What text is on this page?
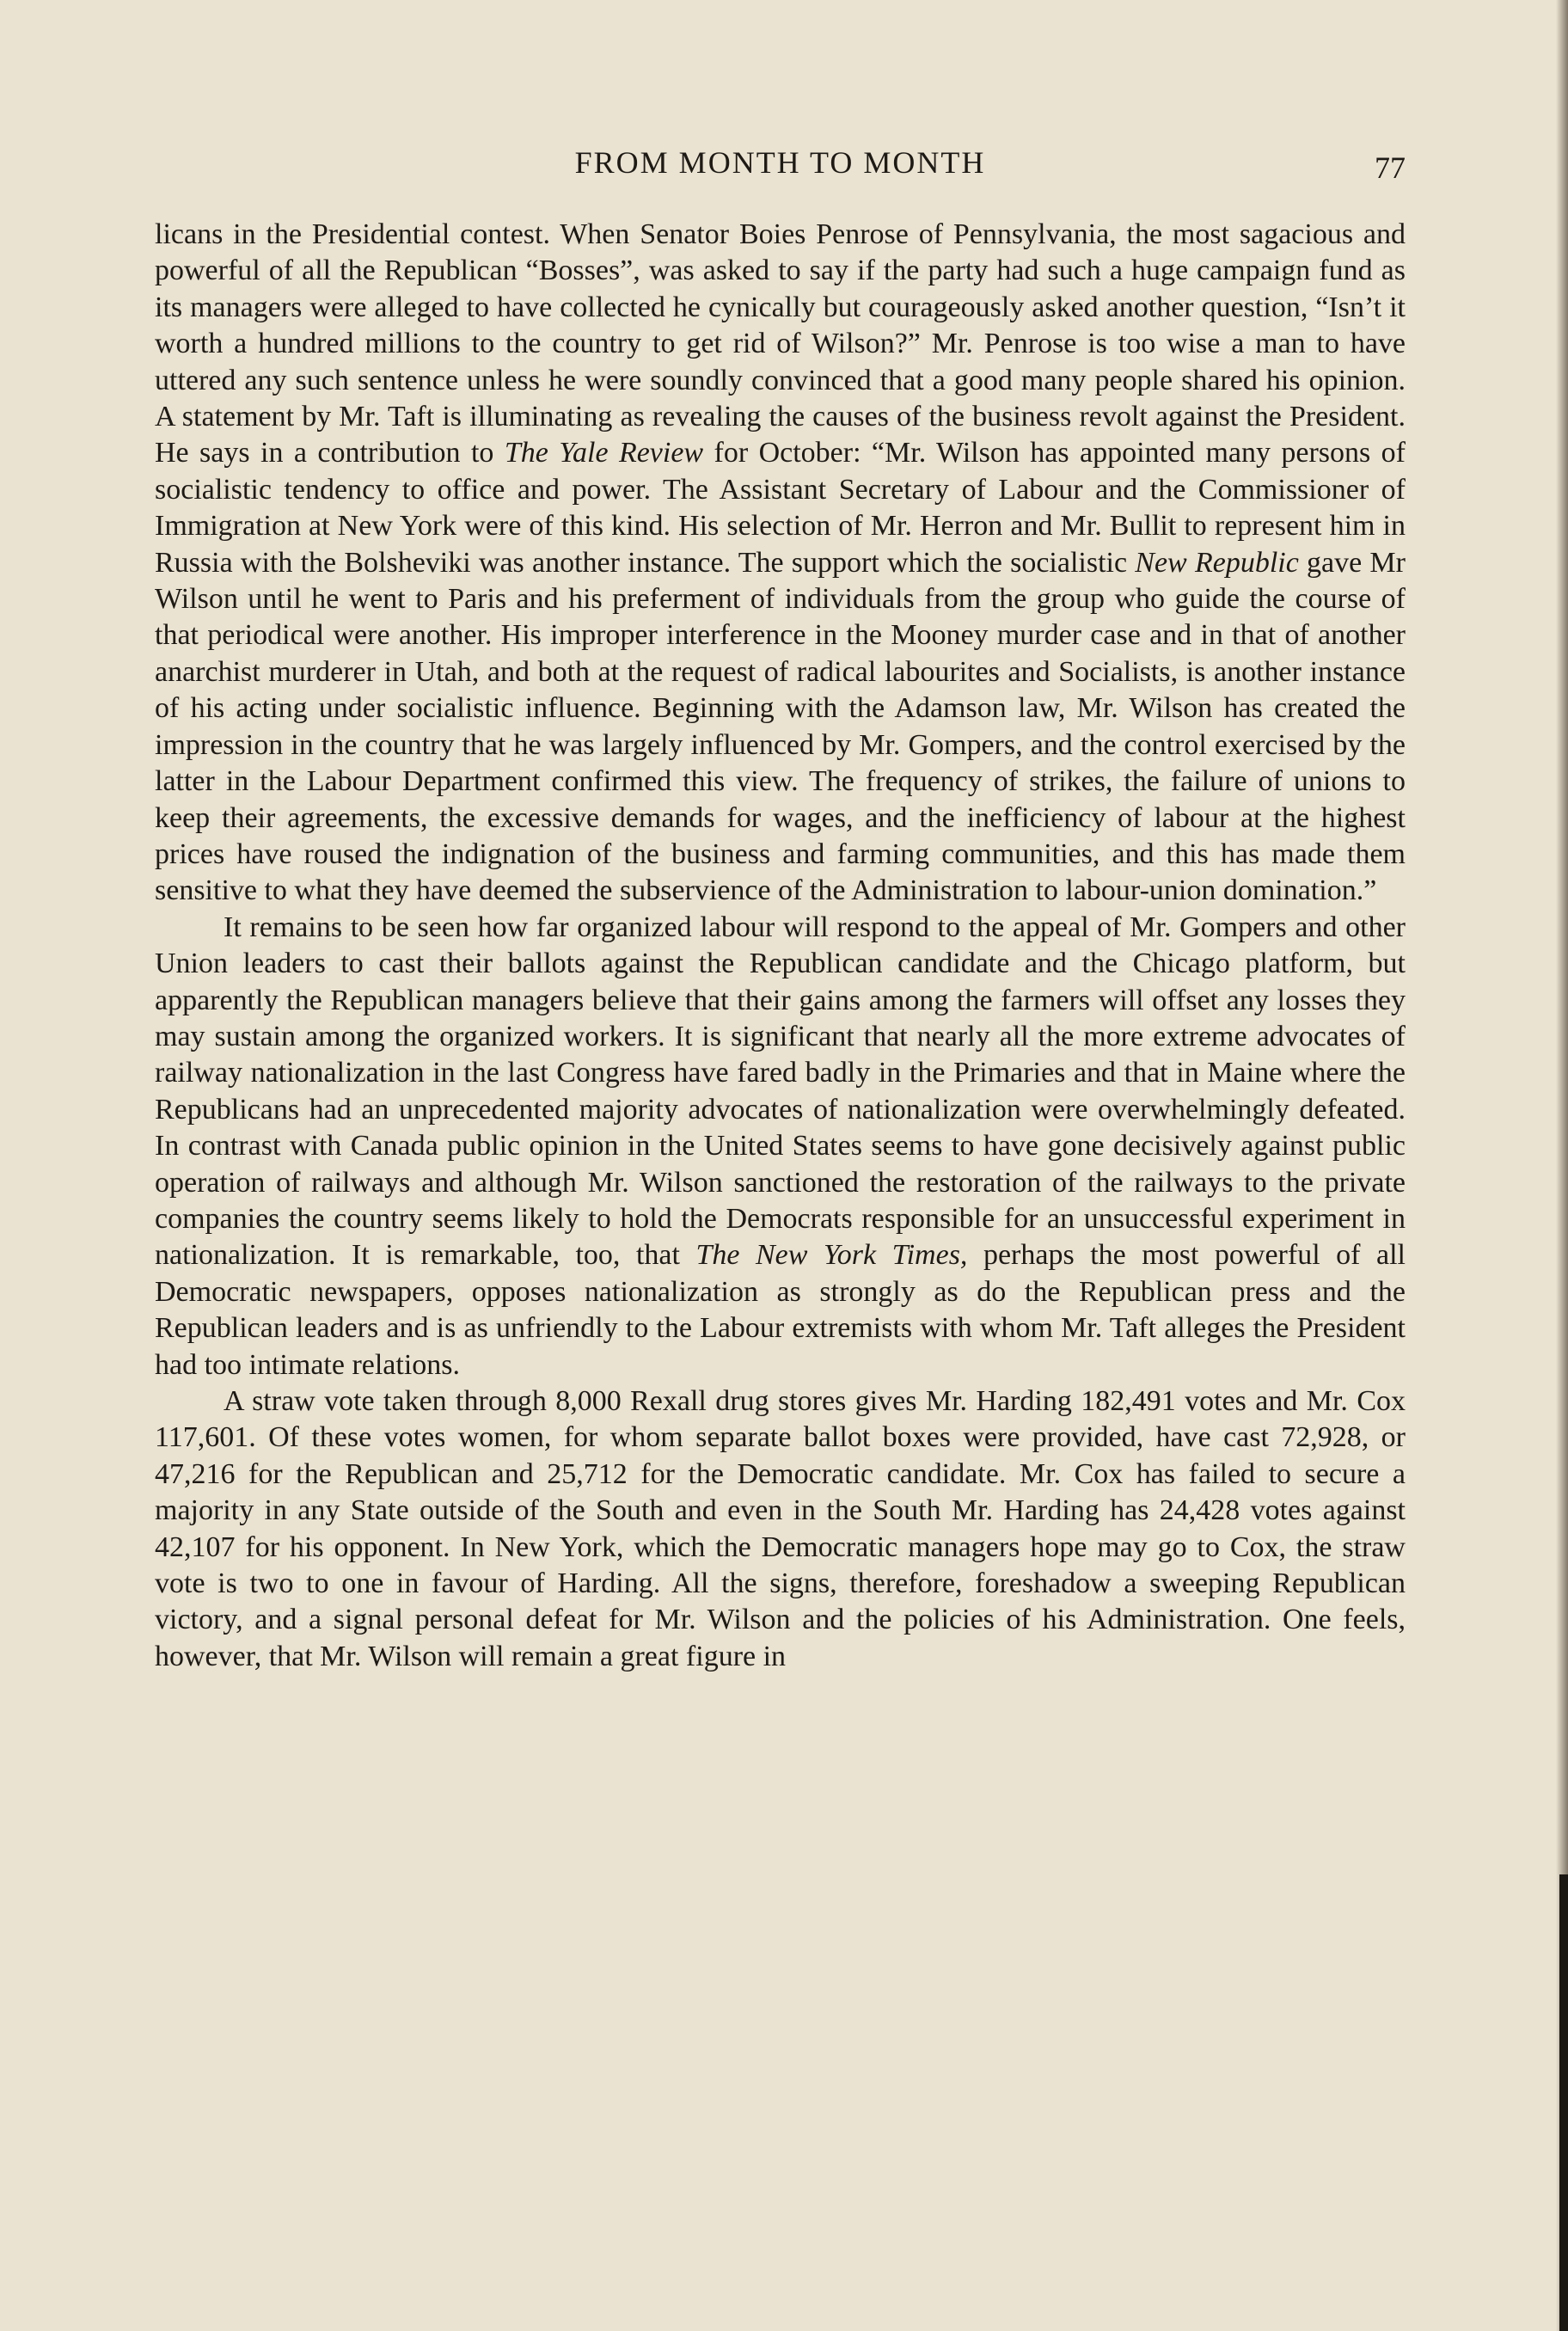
FROM MONTH TO MONTH	77

licans in the Presidential contest. When Senator Boies Penrose of Pennsylvania, the most sagacious and powerful of all the Republican “Bosses”, was asked to say if the party had such a huge campaign fund as its managers were alleged to have collected he cynically but courageously asked another question, “Isn’t it worth a hundred millions to the country to get rid of Wilson?” Mr. Penrose is too wise a man to have uttered any such sentence unless he were soundly convinced that a good many people shared his opinion. A statement by Mr. Taft is illuminating as revealing the causes of the business revolt against the President. He says in a contribution to The Yale Review for October: “Mr. Wilson has appointed many persons of socialistic tendency to office and power. The Assistant Secretary of Labour and the Commissioner of Immigration at New York were of this kind. His selection of Mr. Herron and Mr. Bullit to represent him in Russia with the Bolsheviki was another instance. The support which the socialistic New Republic gave Mr Wilson until he went to Paris and his preferment of individuals from the group who guide the course of that periodical were another. His improper interference in the Mooney murder case and in that of another anarchist murderer in Utah, and both at the request of radical labourites and Socialists, is another instance of his acting under socialistic influence. Beginning with the Adamson law, Mr. Wilson has created the impression in the country that he was largely influenced by Mr. Gompers, and the control exercised by the latter in the Labour Department confirmed this view. The frequency of strikes, the failure of unions to keep their agreements, the excessive demands for wages, and the inefficiency of labour at the highest prices have roused the indignation of the business and farming communities, and this has made them sensitive to what they have deemed the subservience of the Administration to labour-union domination.”

It remains to be seen how far organized labour will respond to the appeal of Mr. Gompers and other Union leaders to cast their ballots against the Republican candidate and the Chicago platform, but apparently the Republican managers believe that their gains among the farmers will offset any losses they may sustain among the organized workers. It is significant that nearly all the more extreme advocates of railway nationalization in the last Congress have fared badly in the Primaries and that in Maine where the Republicans had an unprecedented majority advocates of nationalization were overwhelmingly defeated. In contrast with Canada public opinion in the United States seems to have gone decisively against public operation of railways and although Mr. Wilson sanctioned the restoration of the railways to the private companies the country seems likely to hold the Democrats responsible for an unsuccessful experiment in nationalization. It is remarkable, too, that The New York Times, perhaps the most powerful of all Democratic newspapers, opposes nationalization as strongly as do the Republican press and the Republican leaders and is as unfriendly to the Labour extremists with whom Mr. Taft alleges the President had too intimate relations.

A straw vote taken through 8,000 Rexall drug stores gives Mr. Harding 182,491 votes and Mr. Cox 117,601. Of these votes women, for whom separate ballot boxes were provided, have cast 72,928, or 47,216 for the Republican and 25,712 for the Democratic candidate. Mr. Cox has failed to secure a majority in any State outside of the South and even in the South Mr. Harding has 24,428 votes against 42,107 for his opponent. In New York, which the Democratic managers hope may go to Cox, the straw vote is two to one in favour of Harding. All the signs, therefore, foreshadow a sweeping Republican victory, and a signal personal defeat for Mr. Wilson and the policies of his Administration. One feels, however, that Mr. Wilson will remain a great figure in
